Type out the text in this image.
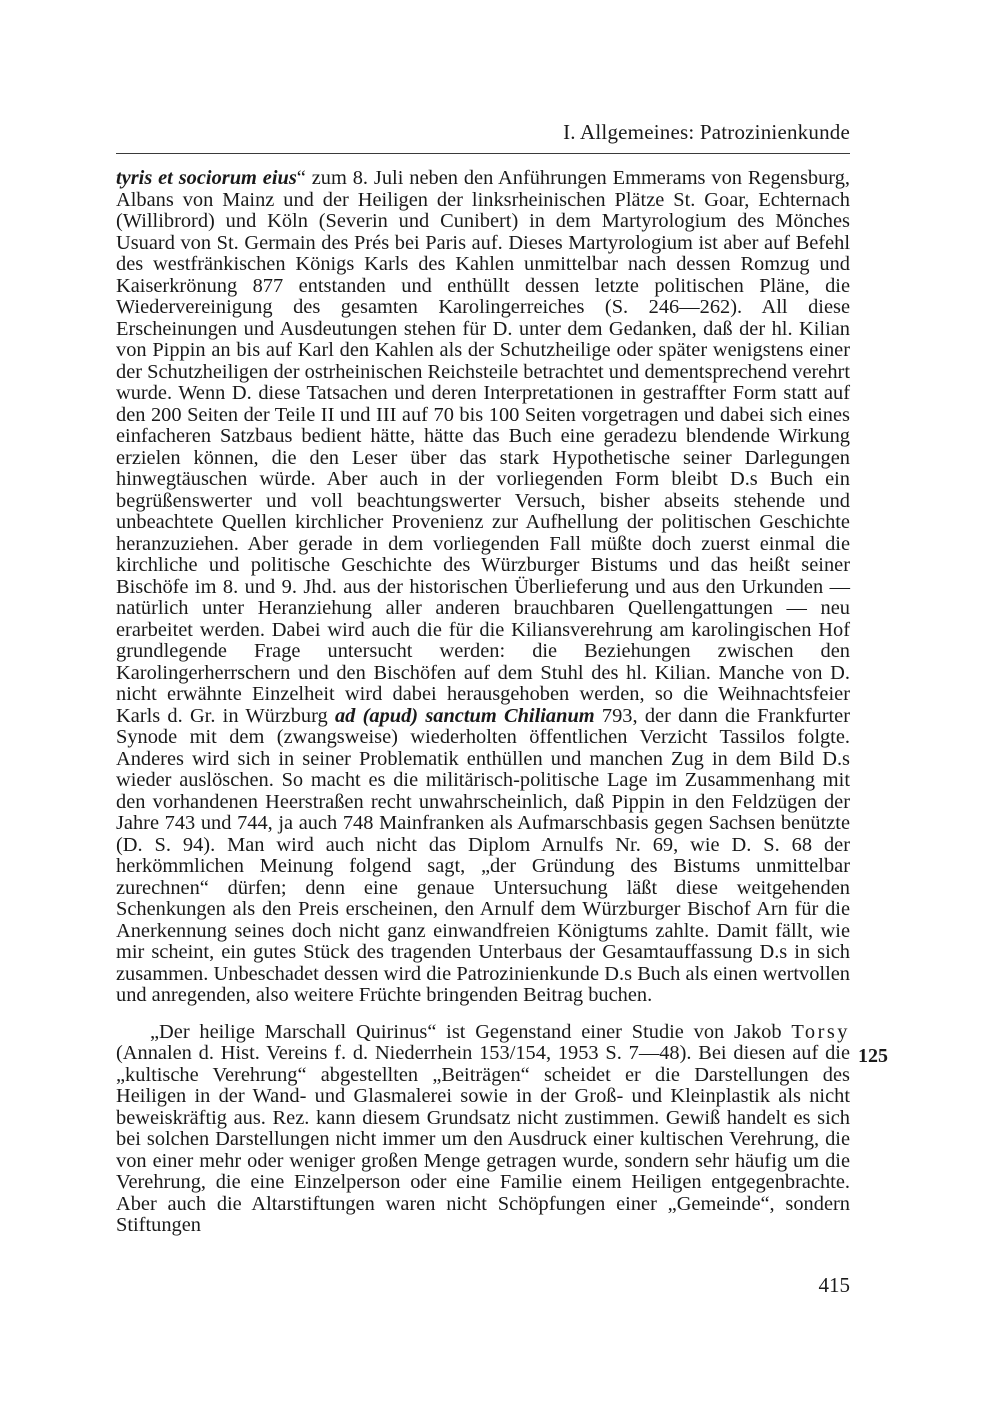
I. Allgemeines: Patrozinienkunde

tyris et sociorum eius“ zum 8. Juli neben den Anführungen Emmerams von Regensburg, Albans von Mainz und der Heiligen der linksrheinischen Plätze St. Goar, Echternach (Willibrord) und Köln (Severin und Cunibert) in dem Martyrologium des Mönches Usuard von St. Germain des Prés bei Paris auf. Dieses Martyrologium ist aber auf Befehl des westfränkischen Königs Karls des Kahlen unmittelbar nach dessen Romzug und Kaiserkrönung 877 entstanden und enthüllt dessen letzte politischen Pläne, die Wiedervereinigung des gesamten Karolingerreiches (S. 246—262). All diese Erscheinungen und Ausdeutungen stehen für D. unter dem Gedanken, daß der hl. Kilian von Pippin an bis auf Karl den Kahlen als der Schutzheilige oder später wenigstens einer der Schutzheiligen der ostrheinischen Reichsteile betrachtet und dementsprechend verehrt wurde. Wenn D. diese Tatsachen und deren Interpretationen in gestraffter Form statt auf den 200 Seiten der Teile II und III auf 70 bis 100 Seiten vorgetragen und dabei sich eines einfacheren Satzbaus bedient hätte, hätte das Buch eine geradezu blendende Wirkung erzielen können, die den Leser über das stark Hypothetische seiner Darlegungen hinwegtäuschen würde. Aber auch in der vorliegenden Form bleibt D.s Buch ein begrüßenswerter und voll beachtungswerter Versuch, bisher abseits stehende und unbeachtete Quellen kirchlicher Provenienz zur Aufhellung der politischen Geschichte heranzuziehen. Aber gerade in dem vorliegenden Fall müßte doch zuerst einmal die kirchliche und politische Geschichte des Würzburger Bistums und das heißt seiner Bischöfe im 8. und 9. Jhd. aus der historischen Überlieferung und aus den Urkunden — natürlich unter Heranziehung aller anderen brauchbaren Quellengattungen — neu erarbeitet werden. Dabei wird auch die für die Kiliansverehrung am karolingischen Hof grundlegende Frage untersucht werden: die Beziehungen zwischen den Karolingerherrschern und den Bischöfen auf dem Stuhl des hl. Kilian. Manche von D. nicht erwähnte Einzelheit wird dabei herausgehoben werden, so die Weihnachtsfeier Karls d. Gr. in Würzburg ad (apud) sanctum Chilianum 793, der dann die Frankfurter Synode mit dem (zwangsweise) wiederholten öffentlichen Verzicht Tassilos folgte. Anderes wird sich in seiner Problematik enthüllen und manchen Zug in dem Bild D.s wieder auslöschen. So macht es die militärisch-politische Lage im Zusammenhang mit den vorhandenen Heerstraßen recht unwahrscheinlich, daß Pippin in den Feldzügen der Jahre 743 und 744, ja auch 748 Mainfranken als Aufmarschbasis gegen Sachsen benützte (D. S. 94). Man wird auch nicht das Diplom Arnulfs Nr. 69, wie D. S. 68 der herkömmlichen Meinung folgend sagt, „der Gründung des Bistums unmittelbar zurechnen“ dürfen; denn eine genaue Untersuchung läßt diese weitgehenden Schenkungen als den Preis erscheinen, den Arnulf dem Würzburger Bischof Arn für die Anerkennung seines doch nicht ganz einwandfreien Königtums zahlte. Damit fällt, wie mir scheint, ein gutes Stück des tragenden Unterbaus der Gesamtauffassung D.s in sich zusammen. Unbeschadet dessen wird die Patrozinienkunde D.s Buch als einen wertvollen und anregenden, also weitere Früchte bringenden Beitrag buchen.

„Der heilige Marschall Quirinus“ ist Gegenstand einer Studie von Jakob Torsy (Annalen d. Hist. Vereins f. d. Niederrhein 153/154, 1953 S. 7—48). Bei diesen auf die „kultische Verehrung“ abgestellten „Beiträgen“ scheidet er die Darstellungen des Heiligen in der Wand- und Glasmalerei sowie in der Groß- und Kleinplastik als nicht beweiskräftig aus. Rez. kann diesem Grundsatz nicht zustimmen. Gewiß handelt es sich bei solchen Darstellungen nicht immer um den Ausdruck einer kultischen Verehrung, die von einer mehr oder weniger großen Menge getragen wurde, sondern sehr häufig um die Verehrung, die eine Einzelperson oder eine Familie einem Heiligen entgegenbrachte. Aber auch die Altarstiftungen waren nicht Schöpfungen einer „Gemeinde“, sondern Stiftungen

125
415
